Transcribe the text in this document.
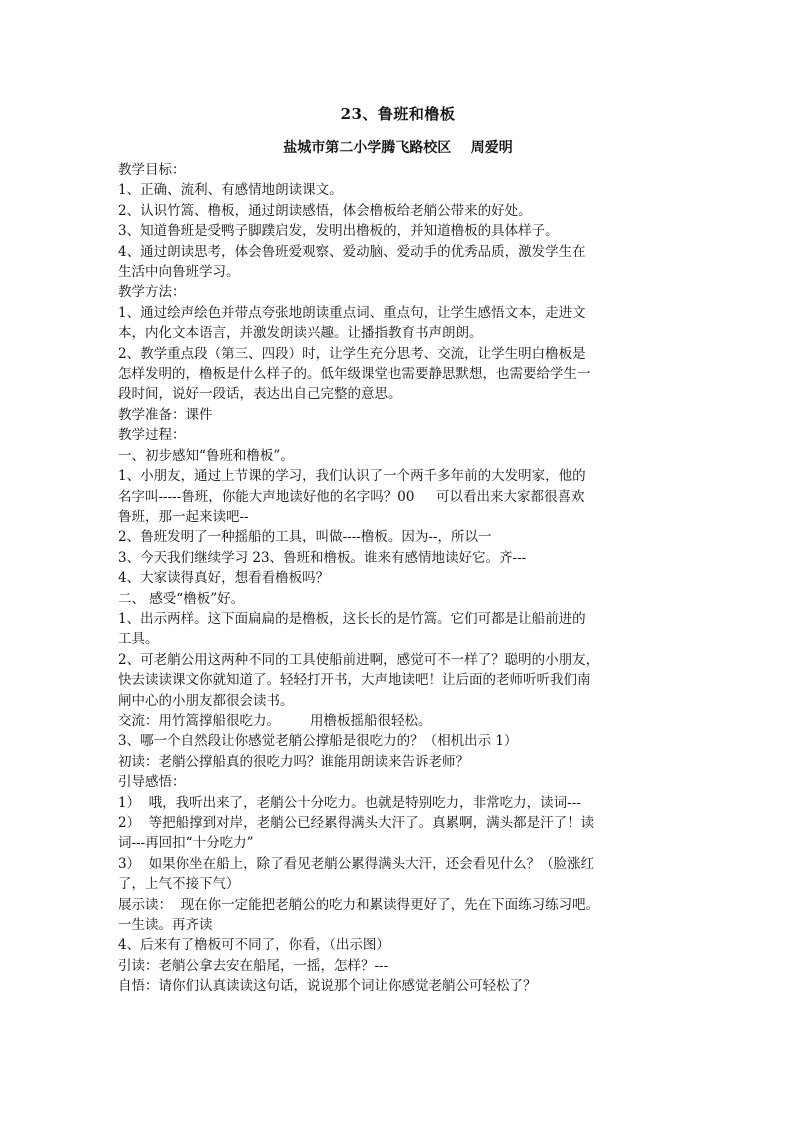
23、鲁班和橹板
盐城市第二小学腾飞路校区    周爱明

教学目标：

1、正确、流利、有感情地朗读课文。

2、认识竹篙、橹板，通过朗读感悟，体会橹板给老艄公带来的好处。

3、知道鲁班是受鸭子脚蹼启发，发明出橹板的，并知道橹板的具体样子。

4、通过朗读思考，体会鲁班爱观察、爱动脑、爱动手的优秀品质，激发学生在

生活中向鲁班学习。

教学方法：

1、通过绘声绘色并带点夸张地朗读重点词、重点句，让学生感悟文本，走进文

本，内化文本语言，并激发朗读兴趣。让播指教育书声朗朗。

2、教学重点段（第三、四段）时，让学生充分思考、交流，让学生明白橹板是

怎样发明的，橹板是什么样子的。低年级课堂也需要静思默想，也需要给学生一

段时间，说好一段话，表达出自己完整的意思。

教学准备：课件

教学过程：

一、初步感知“鲁班和橹板”。

1、小朋友，通过上节课的学习，我们认识了一个两千多年前的大发明家，他的

名字叫-----鲁班，你能大声地读好他的名字吗？00     可以看出来大家都很喜欢

鲁班，那一起来读吧--

2、鲁班发明了一种摇船的工具，叫做----橹板。因为--，所以一

3、今天我们继续学习 23、鲁班和橹板。谁来有感情地读好它。齐---

4、大家读得真好，想看看橹板吗？

二、 感受“橹板”好。

1、出示两样。这下面扁扁的是橹板，这长长的是竹篙。它们可都是让船前进的

工具。

2、可老艄公用这两种不同的工具使船前进啊，感觉可不一样了？聪明的小朋友，

快去读读课文你就知道了。轻轻打开书，大声地读吧！让后面的老师听听我们南

闸中心的小朋友都很会读书。

交流：用竹篙撑船很吃力。       用橹板摇船很轻松。

3、哪一个自然段让你感觉老艄公撑船是很吃力的？（相机出示 1）

初读：老艄公撑船真的很吃力吗？谁能用朗读来告诉老师？

引导感悟：

1）  哦，我听出来了，老艄公十分吃力。也就是特别吃力，非常吃力，读词---

2）  等把船撑到对岸，老艄公已经累得满头大汗了。真累啊，满头都是汗了！读

词---再回扣“十分吃力”

3）  如果你坐在船上，除了看见老艄公累得满头大汗，还会看见什么？（脸涨红

了，上气不接下气）

展示读：  现在你一定能把老艄公的吃力和累读得更好了，先在下面练习练习吧。

一生读。再齐读

4、后来有了橹板可不同了，你看，（出示图）

引读：老艄公拿去安在船尾，一摇，怎样？---

自悟：请你们认真读读这句话，说说那个词让你感觉老艄公可轻松了？
